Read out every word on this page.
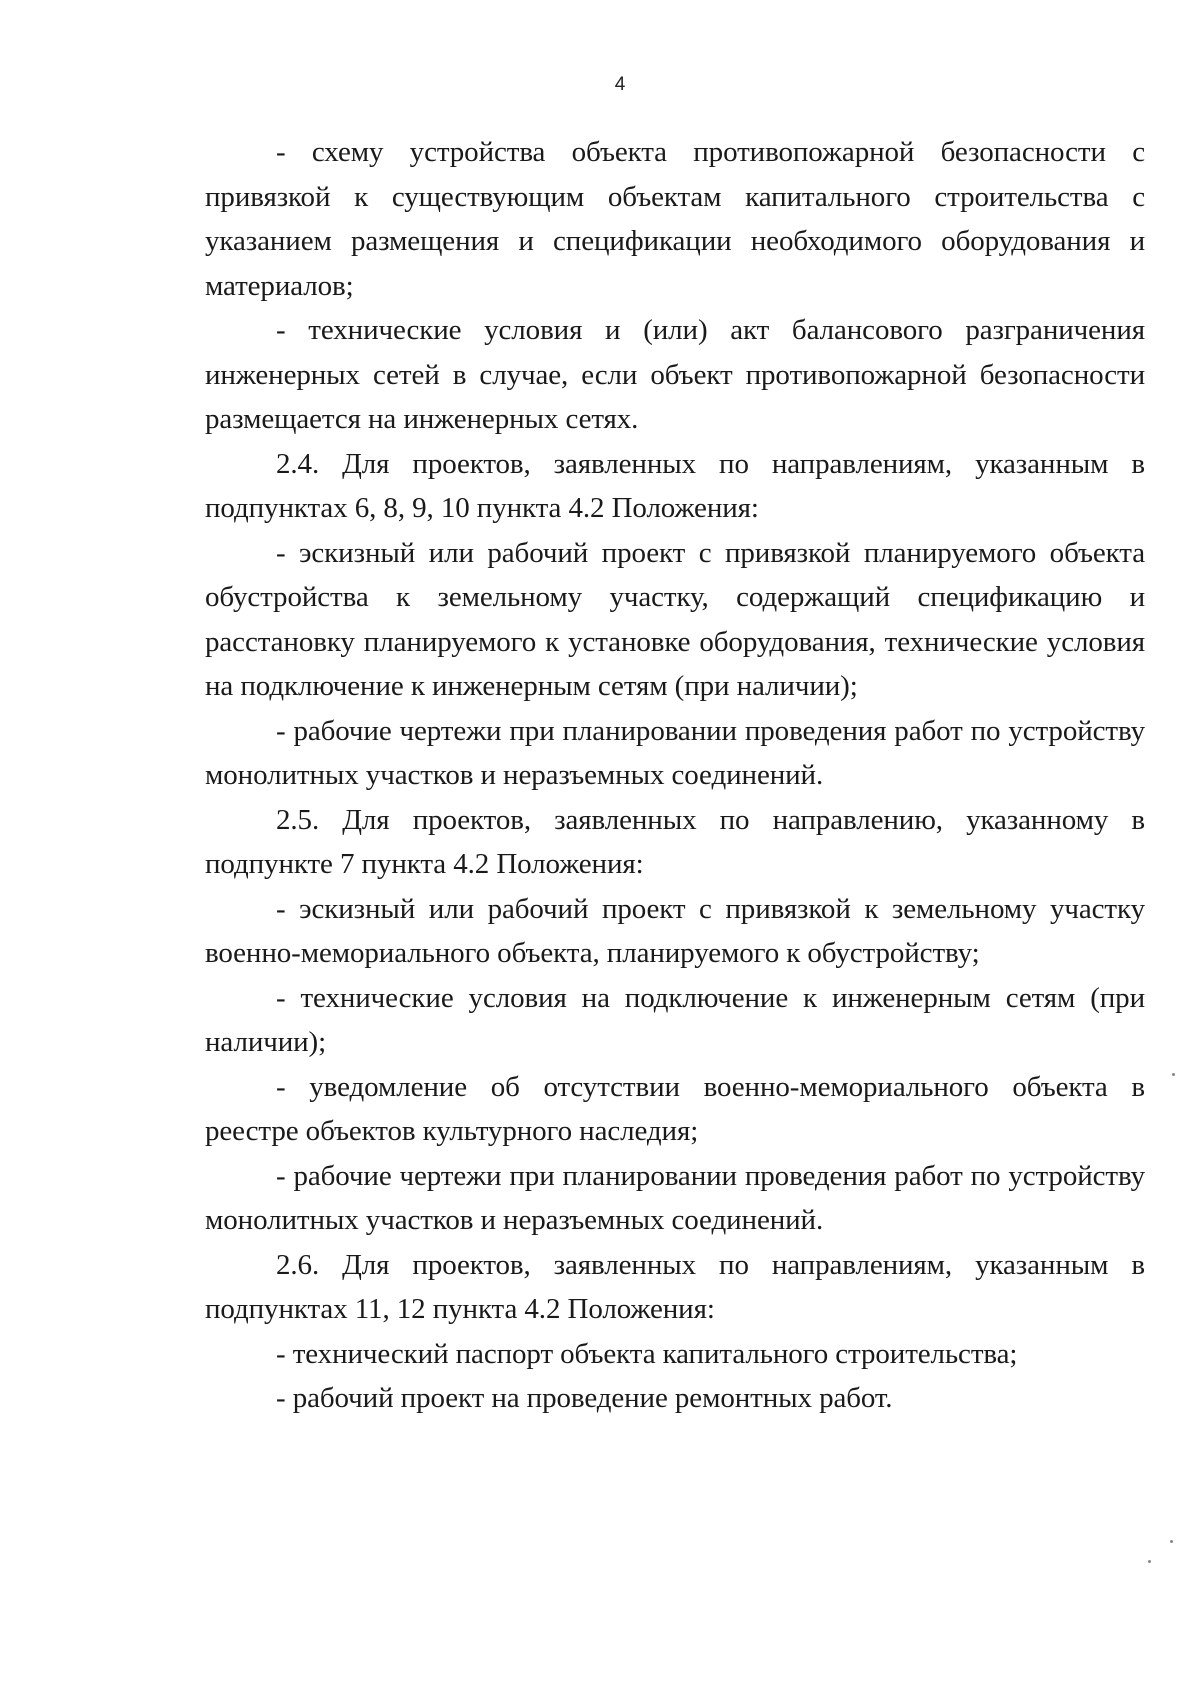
4

- схему устройства объекта противопожарной безопасности с привязкой к существующим объектам капитального строительства с указанием размещения и спецификации необходимого оборудования и материалов;

- технические условия и (или) акт балансового разграничения инженерных сетей в случае, если объект противопожарной безопасности размещается на инженерных сетях.

2.4. Для проектов, заявленных по направлениям, указанным в подпунктах 6, 8, 9, 10 пункта 4.2 Положения:

- эскизный или рабочий проект с привязкой планируемого объекта обустройства к земельному участку, содержащий спецификацию и расстановку планируемого к установке оборудования, технические условия на подключение к инженерным сетям (при наличии);

- рабочие чертежи при планировании проведения работ по устройству монолитных участков и неразъемных соединений.

2.5. Для проектов, заявленных по направлению, указанному в подпункте 7 пункта 4.2 Положения:

- эскизный или рабочий проект с привязкой к земельному участку военно-мемориального объекта, планируемого к обустройству;

- технические условия на подключение к инженерным сетям (при наличии);

- уведомление об отсутствии военно-мемориального объекта в реестре объектов культурного наследия;

- рабочие чертежи при планировании проведения работ по устройству монолитных участков и неразъемных соединений.

2.6. Для проектов, заявленных по направлениям, указанным в подпунктах 11, 12 пункта 4.2 Положения:

- технический паспорт объекта капитального строительства;

- рабочий проект на проведение ремонтных работ.
